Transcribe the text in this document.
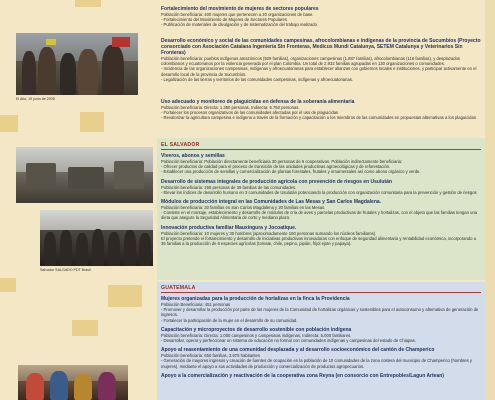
El Alto, 19 junio de 2005
Salvador SALGADO PDT Brasil

Fortalecimiento del movimiento de mujeres de sectores populares

Población beneficiaria: 400 mujeres que pertenecen a 20 organizaciones de base.

- Fortalecimiento del Movimiento de Mujeres de Sectores Populares

- Publicación de materiales de divulgación y de sistematización del trabajo realizado.

Desarrollo económico y social de las comunidades campesinas, afrocolombianas e indígenas de la provincia de Sucumbíos (Proyecto consorciado con Asociación Catalana Ingeniería Sin Fronteras, Medicus Mundi Catalunya, SETEM Catalunya y Veterinarios Sin Fronteras)

Población beneficiaria: pueblos indígenas amazónicos (929 familias), organizaciones campesinas (1.887 familias), afrocolombianas (116 familias), y desplazados colombianos y ecuatorianos por la violencia generada por el plan Colombia. Un total de 2.932 familias agrupadas en 130 organizaciones o comunidades.

- Incidencia de las organizaciones campesinas, indígenas y afroecuatorianas para establecer alianzas con gobiernos locales e instituciones, y participar activamente en el desarrollo local de la provincia de Sucumbíos.

- Legalización de las tierras y territorios de las comunidades campesinas, indígenas y afroecuatorianas.

Uso adecuado y monitoreo de plaguicidas en defensa de la soberanía alimentaria

Población beneficiaria: Directa: 1.350 personas, Indirecta: 6.750 personas.

- Fortalecer los procesos organizativos de las comunidades afectadas por el uso de plaguicidas

- Revalorizar la agricultura campesina e indígena a través de la formación y capacitación a los miembros de las comunidades en propuestas alternativas a los plaguicidas

EL SALVADOR

Viveros, abonos y semillas

Población beneficiaria: Población directamente beneficiaria 30 personas de 6 cooperativas. Población indirectamente beneficiaria:

- Ofrecer productos de calidad para el proceso de transición de las unidades productivas agroecológicas y de reforestación.

- Establecer una producción de semillas y comercialización de plantas forestales, frutales y ornamentales así como abono orgánico y verde.

Desarrollo de sistemas integrales de producción agrícola con prevención de riesgos en Usulután

Población beneficiaria: 255 personas de 39 familias de las comunidades.

- Elevar los índices de desarrollo humano en 3 comunidades de Usulután potenciando la producción con organización comunitaria para la prevención y gestión de riesgos

Módulos de producción integral en las Comunidades de Las Mesas y San Carlos Magdalena.

Población beneficiaria: 30 familias en San Carlos Magdalena y 20 familias en las Mesas.

- Consiste en el montaje, establecimiento y desarrollo de módulos de cría de aves y parcelas productivas de frutales y hortalizas, con el objeto que las familias tengan una dieta que asegure la Seguridad Alimentaria de corto y mediano plazo.

Innovación productiva familiar Mauxingura y Jocoatique.

Población beneficiaria: 10 mujeres y 30 hombres (aproximadamente 150 personas sumando los núcleos familiares).

El proyecto pretende el fortalecimiento y desarrollo de iniciativas productivas innovadoras con enfoque de seguridad alimentaria y rentabilidad económica, incorporando a 35 familias a la producción de 6 especies agrícolas (tomate, chile, pepino, pipián, frijol ejote y papaya).

GUATEMALA

Mujeres organizadas para la producción de hortalizas en la finca la Providencia

Población Beneficiaria: 451 personas

- Promover y desarrollar la producción por parte de las mujeres de la Comunidad de hortalizas orgánicas y sostenibles para el autoconsumo y alternativa de generación de ingresos.

- Fortalecer la participación de la mujer en el desarrollo de su comunidad.

Capacitación y microproyectos de desarrollo sostenible con población indígena

Población beneficiaria: Directa: 1.000 campesinos y campesinas indígenas, Indirecta: 5.000 familiares.

- Desarrollar, operar y perfeccionar un sistema de educación no formal con comunidades indígenas y campesinas del estado de Chiapas.

Apoyo al reasentamiento de una comunidad desplazada y al desarrollo socioeconómico del cantón de Champerico

Población beneficiaria: 650 familias, 3.675 habitantes

- Generación de mayores ingresos y creación de fuentes de ocupación en la población de 10 comunidades de la zona costera del municipio de Champerico (hombres y mujeres), mediante el apoyo a sus actividades de producción y comercialización de productos agropecuarios.

Apoyo a la comercialización y reactivación de la cooperativa zona Reyna (en consorcio con Entrepobles/Lagun Artean)
